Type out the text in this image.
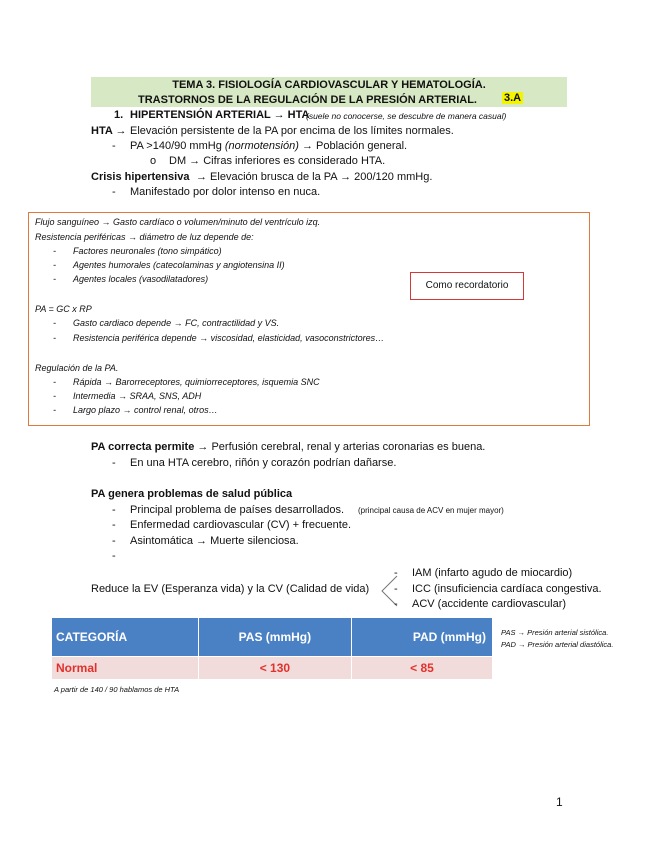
TEMA 3. FISIOLOGÍA CARDIOVASCULAR Y HEMATOLOGÍA.
TRASTORNOS DE LA REGULACIÓN DE LA PRESIÓN ARTERIAL. 3.A
1. HIPERTENSIÓN ARTERIAL → HTA
(suele no conocerse, se descubre de manera casual)
HTA → Elevación persistente de la PA por encima de los límites normales.
- PA >140/90 mmHg (normotensión) → Población general.
o DM → Cifras inferiores es considerado HTA.
Crisis hipertensiva → Elevación brusca de la PA → 200/120 mmHg.
- Manifestado por dolor intenso en nuca.
Flujo sanguíneo → Gasto cardíaco o volumen/minuto del ventrículo izq.
Resistencia periféricas → diámetro de luz depende de:
- Factores neuronales (tono simpático)
- Agentes humorales (catecolaminas y angiotensina II)
- Agentes locales (vasodilatadores)
PA = GC x RP
- Gasto cardiaco depende → FC, contractilidad y VS.
- Resistencia periférica depende → viscosidad, elasticidad, vasoconstrictores…
Regulación de la PA.
- Rápida → Barorreceptores, quimiorreceptores, isquemia SNC
- Intermedia → SRAA, SNS, ADH
- Largo plazo → control renal, otros…
Como recordatorio
PA correcta permite → Perfusión cerebral, renal y arterias coronarias es buena.
- En una HTA cerebro, riñón y corazón podrían dañarse.
PA genera problemas de salud pública
- Principal problema de países desarrollados. (principal causa de ACV en mujer mayor)
- Enfermedad cardiovascular (CV) + frecuente.
- Asintomática → Muerte silenciosa.
-
Reduce la EV (Esperanza vida) y la CV (Calidad de vida)
- IAM (infarto agudo de miocardio)
- ICC (insuficiencia cardíaca congestiva.
- ACV (accidente cardiovascular)
CATEGORÍA	PAS (mmHg)	PAD (mmHg)
Normal	< 130	< 85
PAS → Presión arterial sistólica.
PAD → Presión arterial diastólica.
A partir de 140 / 90 hablamos de HTA
1
